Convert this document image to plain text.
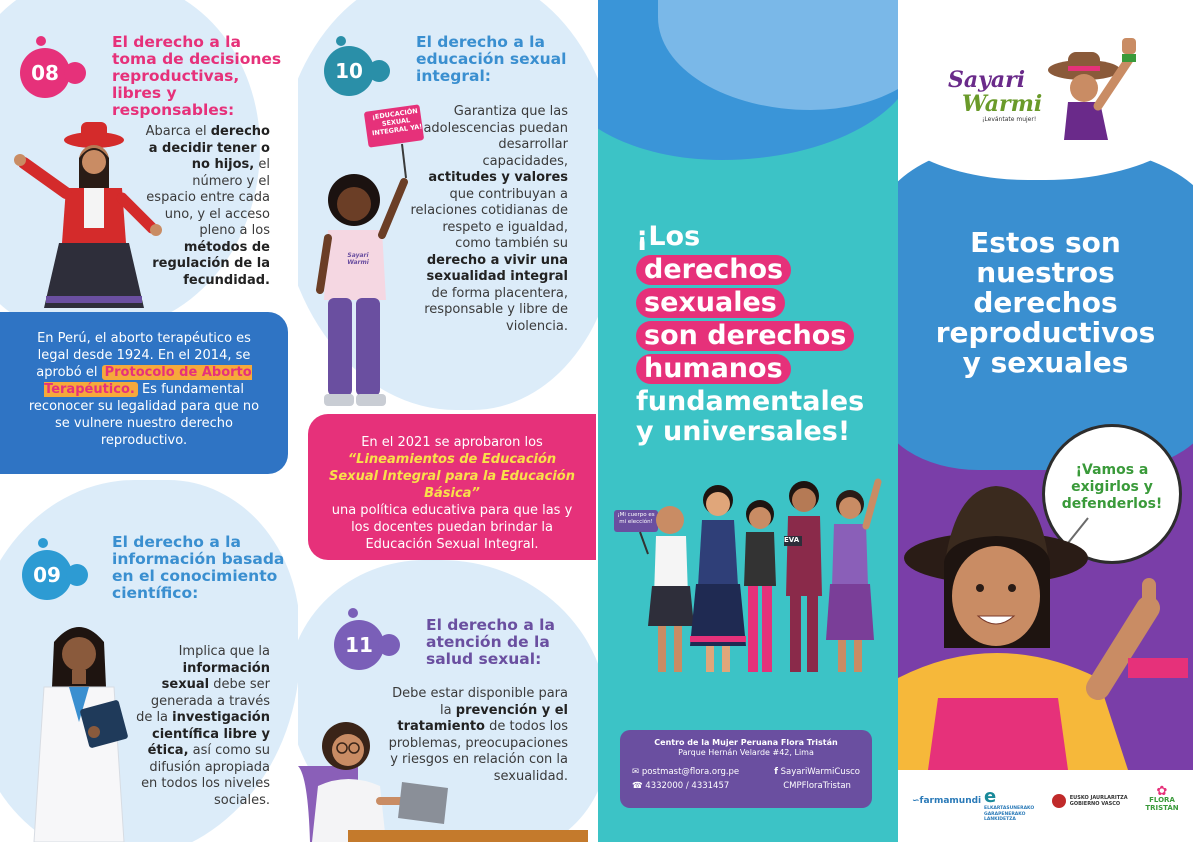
08
El derecho a la
toma de decisiones
reproductivas,
libres y responsables:
Abarca el derecho a decidir tener o no hijos, el número y el espacio entre cada uno, y el acceso pleno a los métodos de regulación de la fecundidad.
En Perú, el aborto terapéutico es legal desde 1924. En el 2014, se aprobó el Protocolo de Aborto Terapéutico. Es fundamental reconocer su legalidad para que no se vulnere nuestro derecho reproductivo.
09
El derecho a la
información basada
en el conocimiento
científico:
Implica que la información sexual debe ser generada a través de la investigación científica libre y ética, así como su difusión apropiada en todos los niveles sociales.
10
El derecho a la
educación sexual
integral:
¡EDUCACIÓN SEXUAL INTEGRAL YA!
Sayari Warmi
Garantiza que las adolescencias puedan desarrollar capacidades, actitudes y valores que contribuyan a relaciones cotidianas de respeto e igualdad, como también su derecho a vivir una sexualidad integral de forma placentera, responsable y libre de violencia.
En el 2021 se aprobaron los
“Lineamientos de Educación Sexual Integral para la Educación Básica”
una política educativa para que las y los docentes puedan brindar la Educación Sexual Integral.
11
El derecho a la
atención de la
salud sexual:
Debe estar disponible para la prevención y el tratamiento de todos los problemas, preocupaciones y riesgos en relación con la sexualidad.
¡Los
derechos
sexuales
son derechos
humanos
fundamentales
y universales!
¡Mi cuerpo es mi elección!
EVA
Centro de la Mujer Peruana Flora Tristán
Parque Hernán Velarde #42, Lima
✉ postmast@flora.org.pe
☎ 4332000 / 4331457
f SayariWarmiCusco
CMPFloraTristan
Sayari
Warmi
¡Levántate mujer!
Estos son
nuestros
derechos
reproductivos
y sexuales
¡Vamos a
exigirlos y
defenderlos!
∽farmamundi e
ELKARTASUNERAKO GARAPENERAKO LANKIDETZA
EUSKO JAURLARITZA GOBIERNO VASCO
✿
FLORA TRISTÁN
